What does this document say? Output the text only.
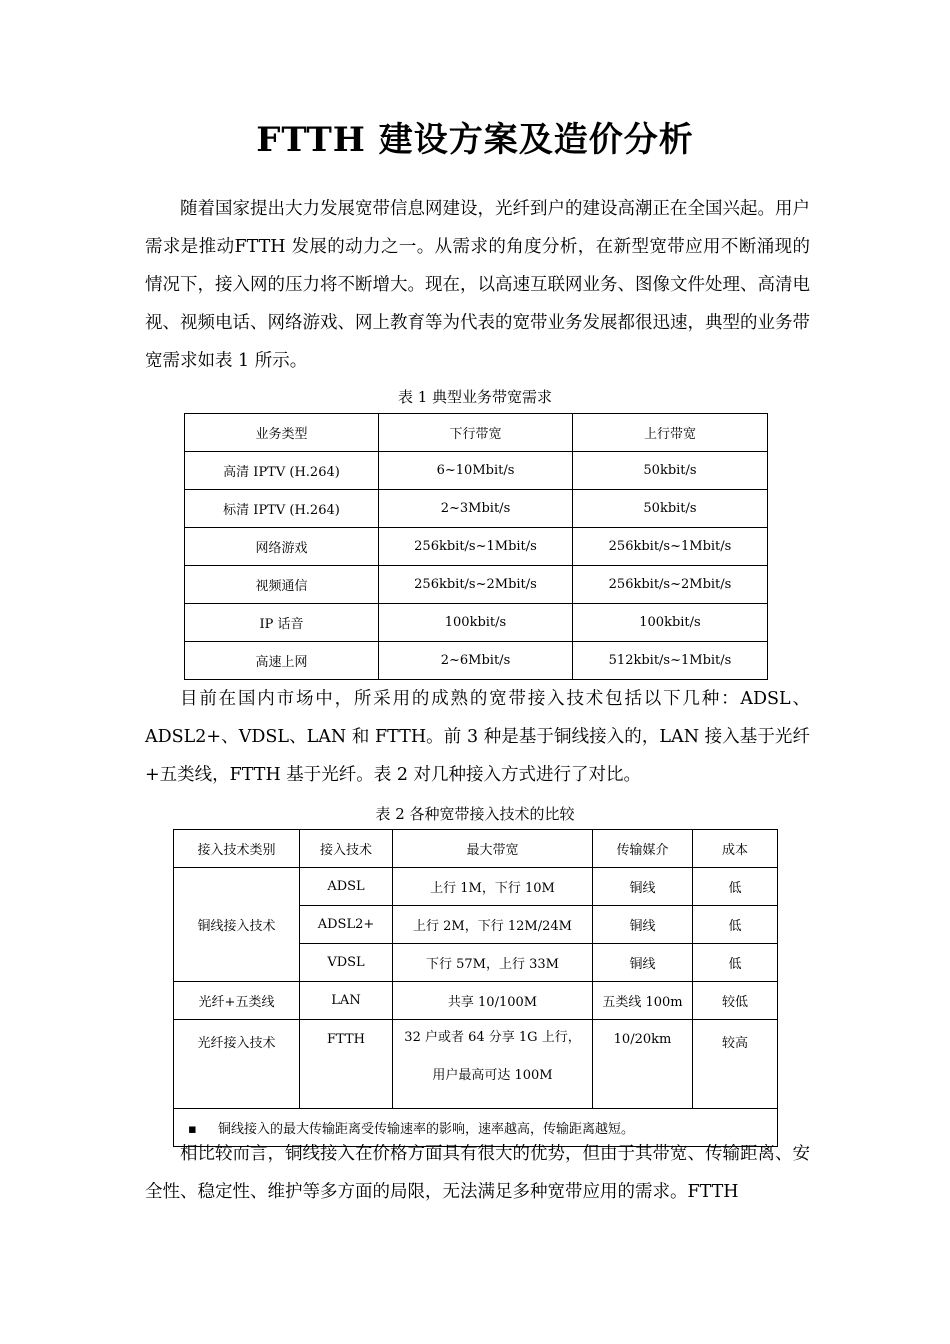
FTTH 建设方案及造价分析

随着国家提出大力发展宽带信息网建设，光纤到户的建设高潮正在全国兴起。用户需求是推动FTTH 发展的动力之一。从需求的角度分析，在新型宽带应用不断涌现的情况下，接入网的压力将不断增大。现在，以高速互联网业务、图像文件处理、高清电视、视频电话、网络游戏、网上教育等为代表的宽带业务发展都很迅速，典型的业务带宽需求如表 1 所示。

表 1 典型业务带宽需求
业务类型	下行带宽	上行带宽
高清 IPTV (H.264)	6~10Mbit/s	50kbit/s
标清 IPTV (H.264)	2~3Mbit/s	50kbit/s
网络游戏	256kbit/s~1Mbit/s	256kbit/s~1Mbit/s
视频通信	256kbit/s~2Mbit/s	256kbit/s~2Mbit/s
IP 话音	100kbit/s	100kbit/s
高速上网	2~6Mbit/s	512kbit/s~1Mbit/s

目前在国内市场中，所采用的成熟的宽带接入技术包括以下几种：ADSL、ADSL2+、VDSL、LAN 和 FTTH。前 3 种是基于铜线接入的，LAN 接入基于光纤+五类线，FTTH 基于光纤。表 2 对几种接入方式进行了对比。

表 2 各种宽带接入技术的比较
接入技术类别	接入技术	最大带宽	传输媒介	成本
铜线接入技术	ADSL	上行 1M，下行 10M	铜线	低
	ADSL2+	上行 2M，下行 12M/24M	铜线	低
	VDSL	下行 57M，上行 33M	铜线	低
光纤+五类线	LAN	共享 10/100M	五类线 100m	较低
光纤接入技术	FTTH	32 户或者 64 分享 1G 上行，
用户最高可达 100M	10/20km	较高
▪ 铜线接入的最大传输距离受传输速率的影响，速率越高，传输距离越短。				

相比较而言，铜线接入在价格方面具有很大的优势，但由于其带宽、传输距离、安全性、稳定性、维护等多方面的局限，无法满足多种宽带应用的需求。FTTH
